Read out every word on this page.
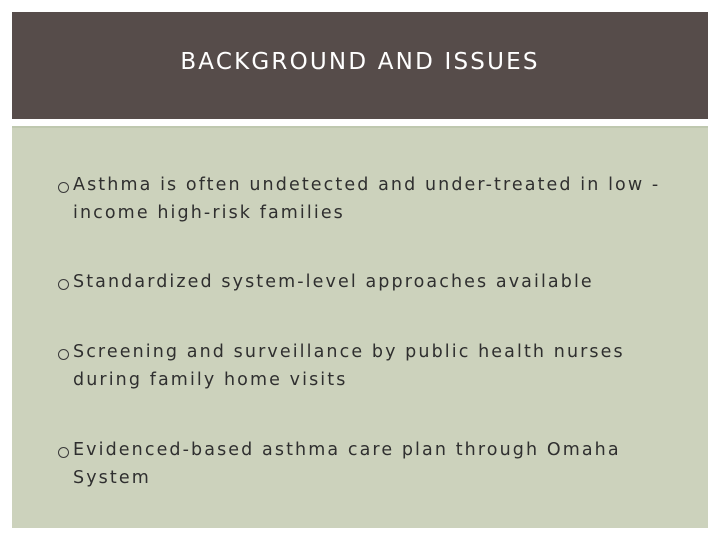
BACKGROUND AND ISSUES

Asthma is often undetected and under-treated in low -income high-risk families

Standardized system-level approaches available

Screening and surveillance by public health nurses during family home visits

Evidenced-based asthma care plan through Omaha System
